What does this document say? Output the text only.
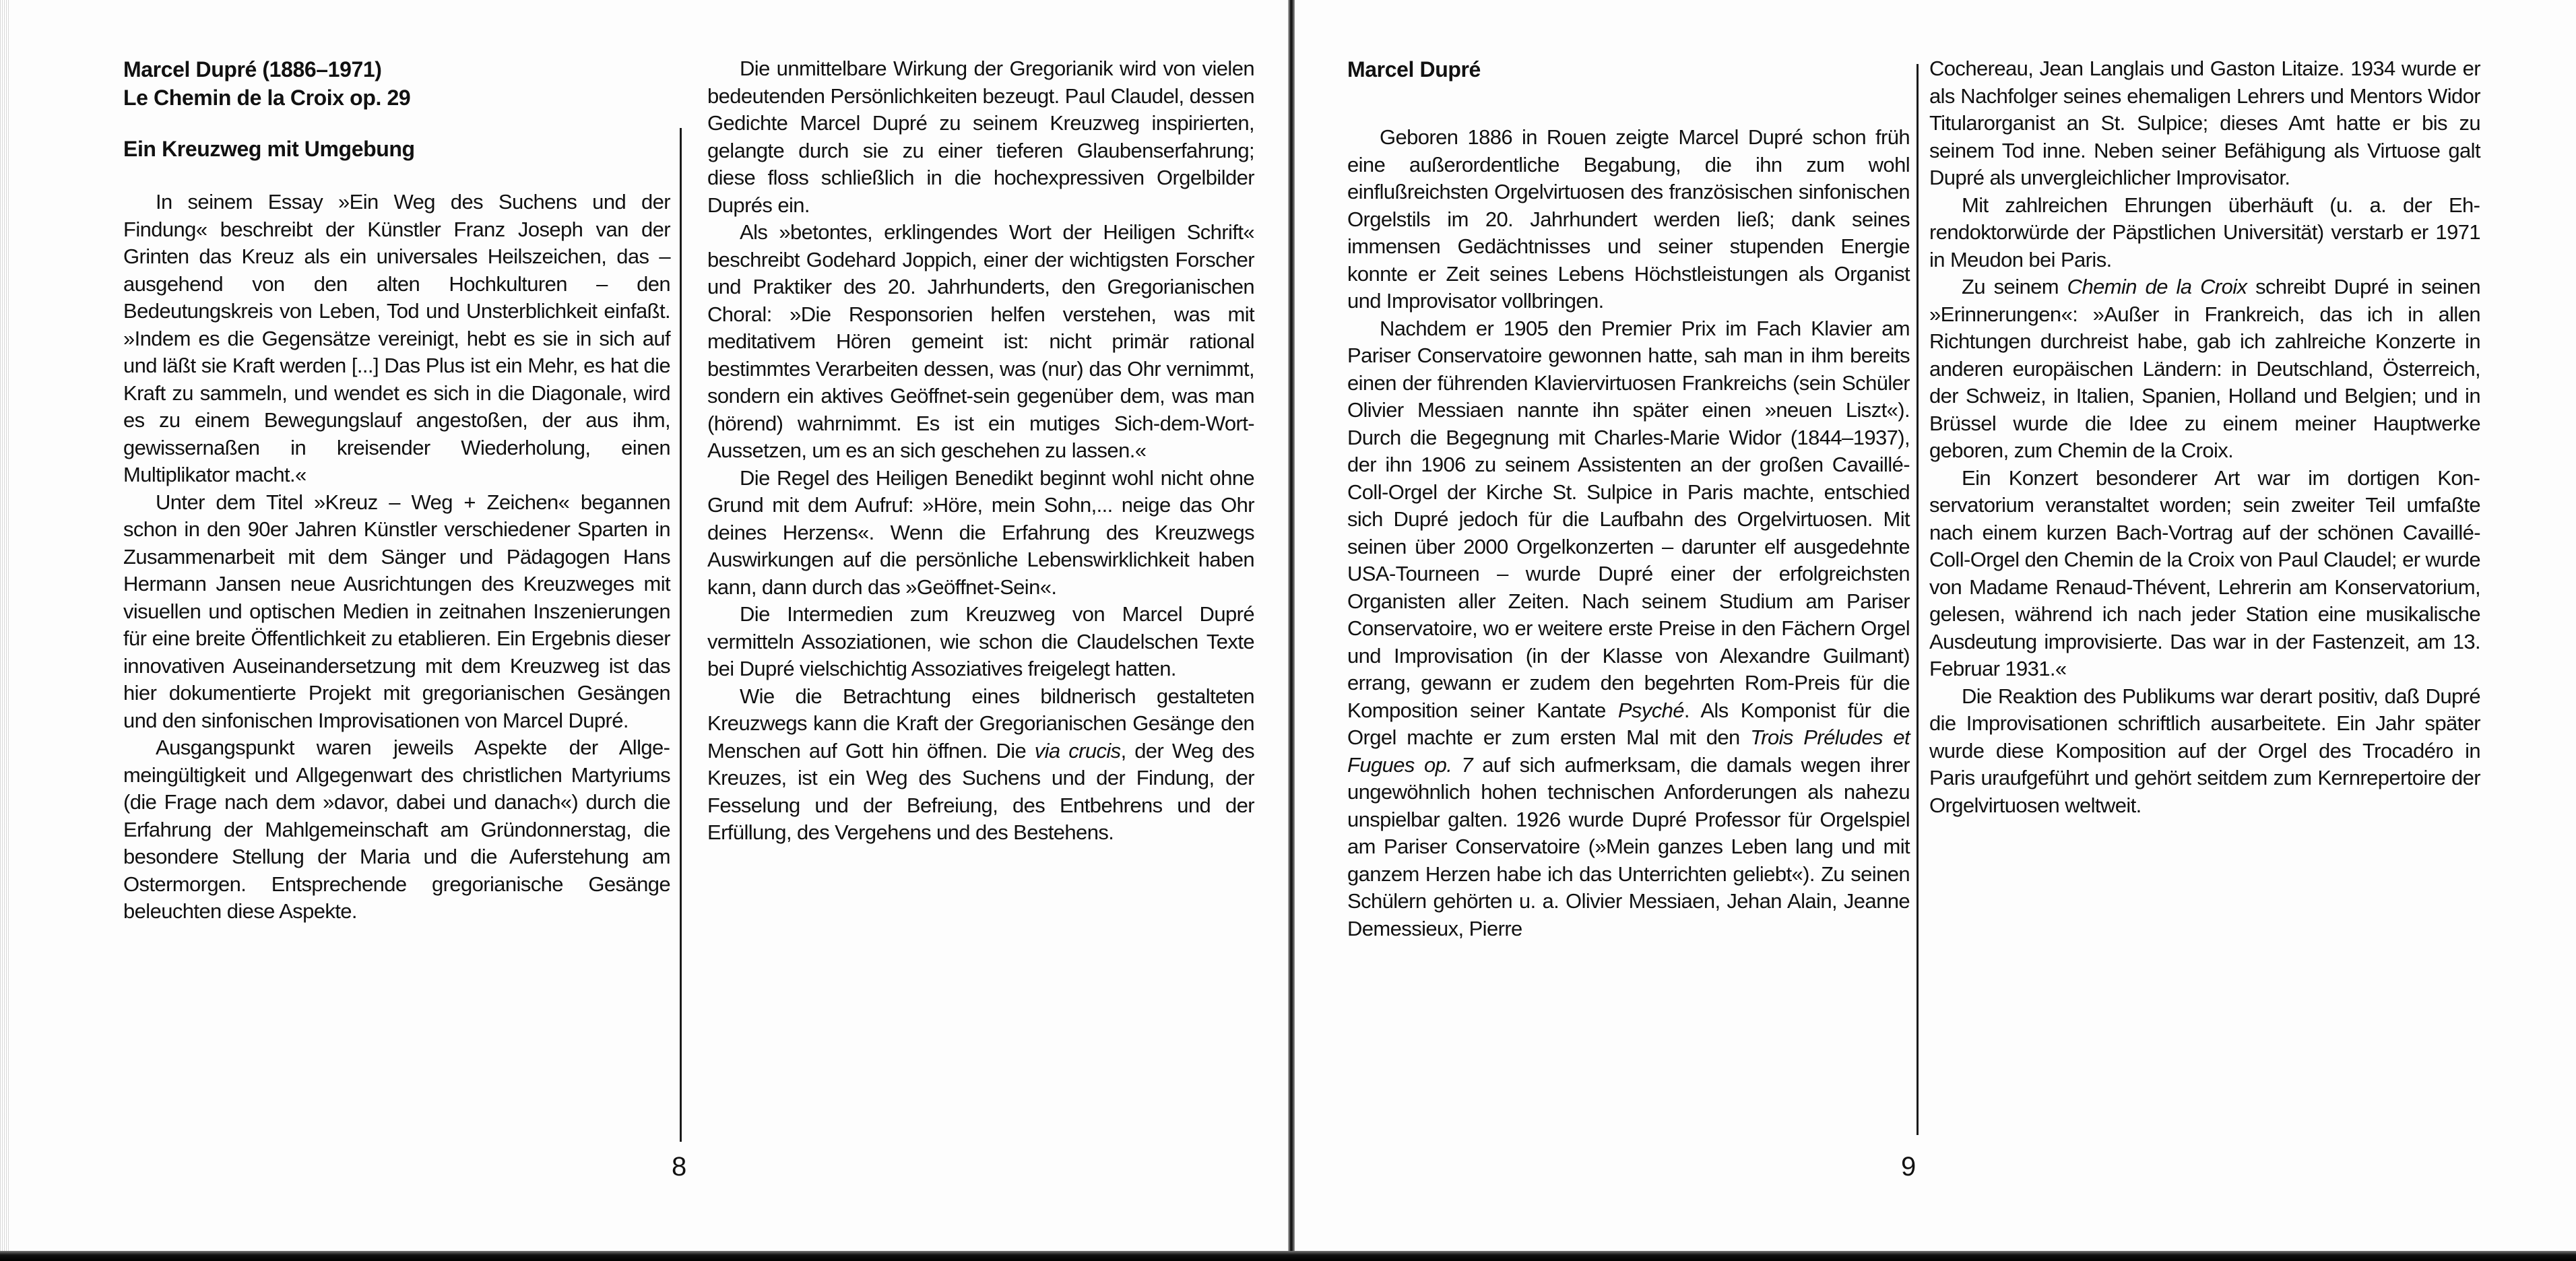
Marcel Dupré (1886–1971)
Le Chemin de la Croix op. 29
Ein Kreuzweg mit Umgebung

In seinem Essay »Ein Weg des Suchens und der Findung« beschreibt der Künstler Franz Joseph van der Grinten das Kreuz als ein universales Heilszeichen, das – ausgehend von den alten Hochkulturen – den Bedeutungskreis von Leben, Tod und Unsterblichkeit einfaßt. »Indem es die Gegensätze vereinigt, hebt es sie in sich auf und läßt sie Kraft werden [...] Das Plus ist ein Mehr, es hat die Kraft zu sammeln, und wendet es sich in die Diagonale, wird es zu einem Bewegungslauf angestoßen, der aus ihm, gewissernaßen in kreisender Wiederholung, einen Multiplikator macht.«

Unter dem Titel »Kreuz – Weg + Zeichen« begannen schon in den 90er Jahren Künstler verschiedener Sparten in Zusammenarbeit mit dem Sänger und Pädagogen Hans Hermann Jansen neue Ausrichtungen des Kreuzweges mit visuellen und optischen Medien in zeitnahen Inszenierungen für eine breite Öffentlichkeit zu etablieren. Ein Ergebnis dieser innovativen Auseinandersetzung mit dem Kreuzweg ist das hier dokumentierte Projekt mit gregorianischen Gesängen und den sinfonischen Improvisationen von Marcel Dupré.

Ausgangspunkt waren jeweils Aspekte der Allgemeingültigkeit und Allgegenwart des christlichen Martyriums (die Frage nach dem »davor, dabei und danach«) durch die Erfahrung der Mahlgemeinschaft am Gründonnerstag, die besondere Stellung der Maria und die Auferstehung am Ostermorgen. Entsprechende gregorianische Gesänge beleuchten diese Aspekte.

Die unmittelbare Wirkung der Gregorianik wird von vielen bedeutenden Persönlichkeiten bezeugt. Paul Claudel, dessen Gedichte Marcel Dupré zu seinem Kreuzweg inspirierten, gelangte durch sie zu einer tieferen Glaubenserfahrung; diese floss schließlich in die hochexpressiven Orgelbilder Duprés ein.

Als »betontes, erklingendes Wort der Heiligen Schrift« beschreibt Godehard Joppich, einer der wichtigsten Forscher und Praktiker des 20. Jahrhunderts, den Gregorianischen Choral: »Die Responsorien helfen verstehen, was mit meditativem Hören gemeint ist: nicht primär rational bestimmtes Verarbeiten dessen, was (nur) das Ohr vernimmt, sondern ein aktives Geöffnet-sein gegenüber dem, was man (hörend) wahrnimmt. Es ist ein mutiges Sich-dem-Wort-Aussetzen, um es an sich geschehen zu lassen.«

Die Regel des Heiligen Benedikt beginnt wohl nicht ohne Grund mit dem Aufruf: »Höre, mein Sohn,... neige das Ohr deines Herzens«. Wenn die Erfahrung des Kreuzwegs Auswirkungen auf die persönliche Lebenswirklichkeit haben kann, dann durch das »Geöffnet-Sein«.

Die Intermedien zum Kreuzweg von Marcel Dupré vermitteln Assoziationen, wie schon die Claudelschen Texte bei Dupré vielschichtig Assoziatives freigelegt hatten.

Wie die Betrachtung eines bildnerisch gestalteten Kreuzwegs kann die Kraft der Gregorianischen Gesänge den Menschen auf Gott hin öffnen. Die via crucis, der Weg des Kreuzes, ist ein Weg des Suchens und der Findung, der Fesselung und der Befreiung, des Entbehrens und der Erfüllung, des Vergehens und des Bestehens.

8
Marcel Dupré

Geboren 1886 in Rouen zeigte Marcel Dupré schon früh eine außerordentliche Begabung, die ihn zum wohl einflußreichsten Orgelvirtuosen des französischen sinfonischen Orgelstils im 20. Jahrhundert werden ließ; dank seines immensen Gedächtnisses und seiner stupenden Energie konnte er Zeit seines Lebens Höchstleistungen als Organist und Improvisator vollbringen.

Nachdem er 1905 den Premier Prix im Fach Klavier am Pariser Conservatoire gewonnen hatte, sah man in ihm bereits einen der führenden Klaviervirtuosen Frankreichs (sein Schüler Olivier Messiaen nannte ihn später einen »neuen Liszt«). Durch die Begegnung mit Charles-Marie Widor (1844–1937), der ihn 1906 zu seinem Assistenten an der großen Cavaillé-Coll-Orgel der Kirche St. Sulpice in Paris machte, entschied sich Dupré jedoch für die Laufbahn des Orgelvirtuosen. Mit seinen über 2000 Orgelkonzerten – darunter elf ausgedehnte USA-Tourneen – wurde Dupré einer der erfolgreichsten Organisten aller Zeiten. Nach seinem Studium am Pariser Conservatoire, wo er weitere erste Preise in den Fächern Orgel und Improvisation (in der Klasse von Alexandre Guilmant) errang, gewann er zudem den begehrten Rom-Preis für die Komposition seiner Kantate Psyché. Als Komponist für die Orgel machte er zum ersten Mal mit den Trois Préludes et Fugues op. 7 auf sich aufmerksam, die damals wegen ihrer ungewöhnlich hohen technischen Anforderungen als nahezu unspielbar galten. 1926 wurde Dupré Professor für Orgelspiel am Pariser Conservatoire (»Mein ganzes Leben lang und mit ganzem Herzen habe ich das Unterrichten geliebt«). Zu seinen Schülern gehörten u. a. Olivier Messiaen, Jehan Alain, Jeanne Demessieux, Pierre

Cochereau, Jean Langlais und Gaston Litaize. 1934 wurde er als Nachfolger seines ehemaligen Lehrers und Mentors Widor Titularorganist an St. Sulpice; dieses Amt hatte er bis zu seinem Tod inne. Neben seiner Befähigung als Virtuose galt Dupré als unvergleichlicher Improvisator.

Mit zahlreichen Ehrungen überhäuft (u. a. der Ehrendoktorwürde der Päpstlichen Universität) verstarb er 1971 in Meudon bei Paris.

Zu seinem Chemin de la Croix schreibt Dupré in seinen »Erinnerungen«: »Außer in Frankreich, das ich in allen Richtungen durchreist habe, gab ich zahlreiche Konzerte in anderen europäischen Ländern: in Deutschland, Österreich, der Schweiz, in Italien, Spanien, Holland und Belgien; und in Brüssel wurde die Idee zu einem meiner Hauptwerke geboren, zum Chemin de la Croix.

Ein Konzert besonderer Art war im dortigen Konservatorium veranstaltet worden; sein zweiter Teil umfaßte nach einem kurzen Bach-Vortrag auf der schönen Cavaillé-Coll-Orgel den Chemin de la Croix von Paul Claudel; er wurde von Madame Renaud-Thévent, Lehrerin am Konservatorium, gelesen, während ich nach jeder Station eine musikalische Ausdeutung improvisierte. Das war in der Fastenzeit, am 13. Februar 1931.«

Die Reaktion des Publikums war derart positiv, daß Dupré die Improvisationen schriftlich ausarbeitete. Ein Jahr später wurde diese Komposition auf der Orgel des Trocadéro in Paris uraufgeführt und gehört seitdem zum Kernrepertoire der Orgelvirtuosen weltweit.

9
